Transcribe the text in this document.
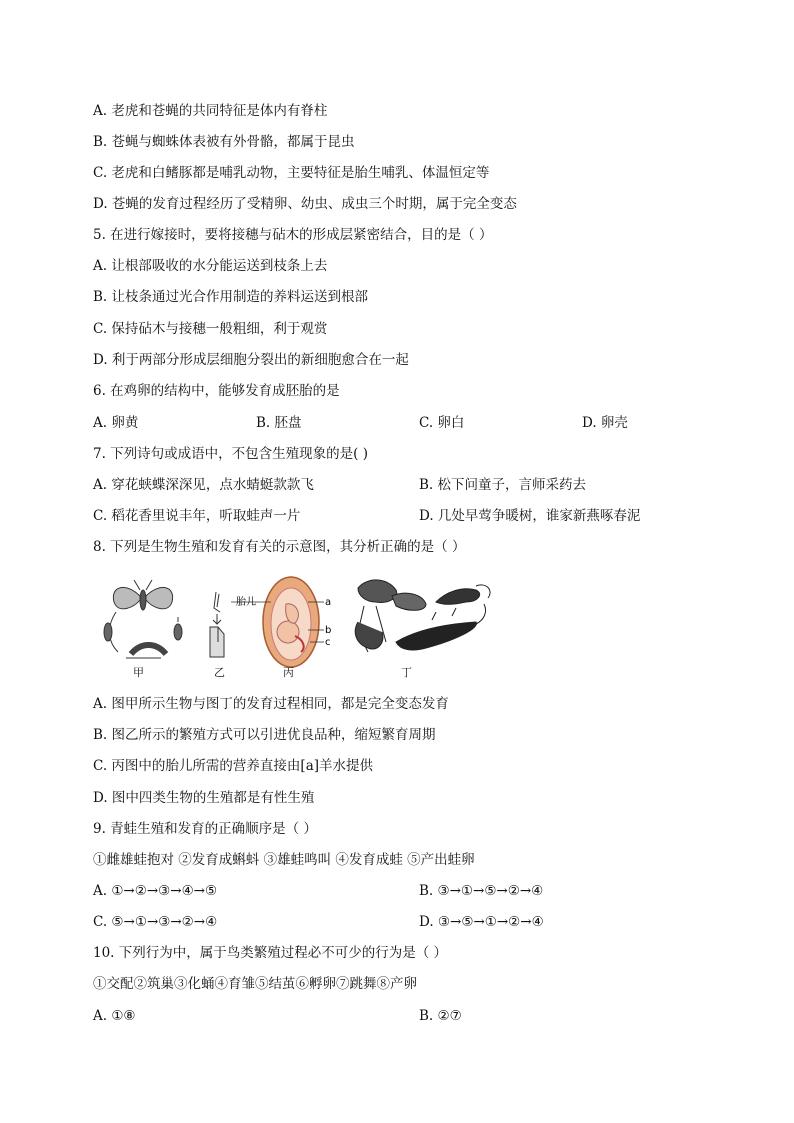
A. 老虎和苍蝇的共同特征是体内有脊柱
B. 苍蝇与蜘蛛体表被有外骨骼，都属于昆虫
C. 老虎和白鳍豚都是哺乳动物，主要特征是胎生哺乳、体温恒定等
D. 苍蝇的发育过程经历了受精卵、幼虫、成虫三个时期，属于完全变态
5. 在进行嫁接时，要将接穗与砧木的形成层紧密结合，目的是（ ）
A. 让根部吸收的水分能运送到枝条上去
B. 让枝条通过光合作用制造的养料运送到根部
C. 保持砧木与接穗一般粗细，利于观赏
D. 利于两部分形成层细胞分裂出的新细胞愈合在一起
6. 在鸡卵的结构中，能够发育成胚胎的是
A. 卵黄	B. 胚盘	C. 卵白	D. 卵壳
7. 下列诗句或成语中，不包含生殖现象的是( )
A. 穿花蛱蝶深深见，点水蜻蜓款款飞	B. 松下问童子，言师采药去
C. 稻花香里说丰年，听取蛙声一片	D. 几处早莺争暖树，谁家新燕啄春泥
8. 下列是生物生殖和发育有关的示意图，其分析正确的是（ ）
胎儿	a
b
c
甲	乙	丙	丁
A. 图甲所示生物与图丁的发育过程相同，都是完全变态发育
B. 图乙所示的繁殖方式可以引进优良品种，缩短繁育周期
C. 丙图中的胎儿所需的营养直接由[a]羊水提供
D. 图中四类生物的生殖都是有性生殖
9. 青蛙生殖和发育的正确顺序是（ ）
①雌雄蛙抱对 ②发育成蝌蚪 ③雄蛙鸣叫 ④发育成蛙 ⑤产出蛙卵
A. ①→②→③→④→⑤	B. ③→①→⑤→②→④
C. ⑤→①→③→②→④	D. ③→⑤→①→②→④
10. 下列行为中，属于鸟类繁殖过程必不可少的行为是（ ）
①交配②筑巢③化蛹④育雏⑤结茧⑥孵卵⑦跳舞⑧产卵
A. ①⑧	B. ②⑦
